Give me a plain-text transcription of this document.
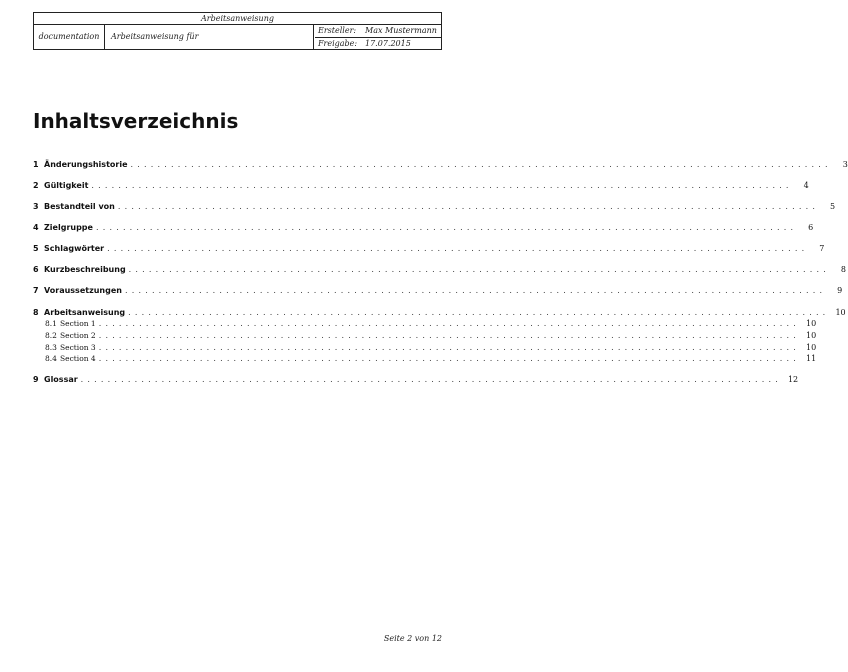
Arbeitsanweisung
documentation	Arbeitsanweisung für
Ersteller: Max Mustermann
Freigabe: 17.07.2015
Inhaltsverzeichnis
1 Änderungshistorie ........................................................................................................	3
2 Gültigkeit ........................................................................................................	4
3 Bestandteil von ........................................................................................................	5
4 Zielgruppe ........................................................................................................	6
5 Schlagwörter ........................................................................................................	7
6 Kurzbeschreibung ........................................................................................................	8
7 Voraussetzungen ........................................................................................................	9
8 Arbeitsanweisung ........................................................................................................ 10
8.1 Section 1 ........................................................................................................ 10
8.2 Section 2 ........................................................................................................ 10
8.3 Section 3 ........................................................................................................ 10
8.4 Section 4 ........................................................................................................ 11
9 Glossar ........................................................................................................ 12
Seite 2 von 12
